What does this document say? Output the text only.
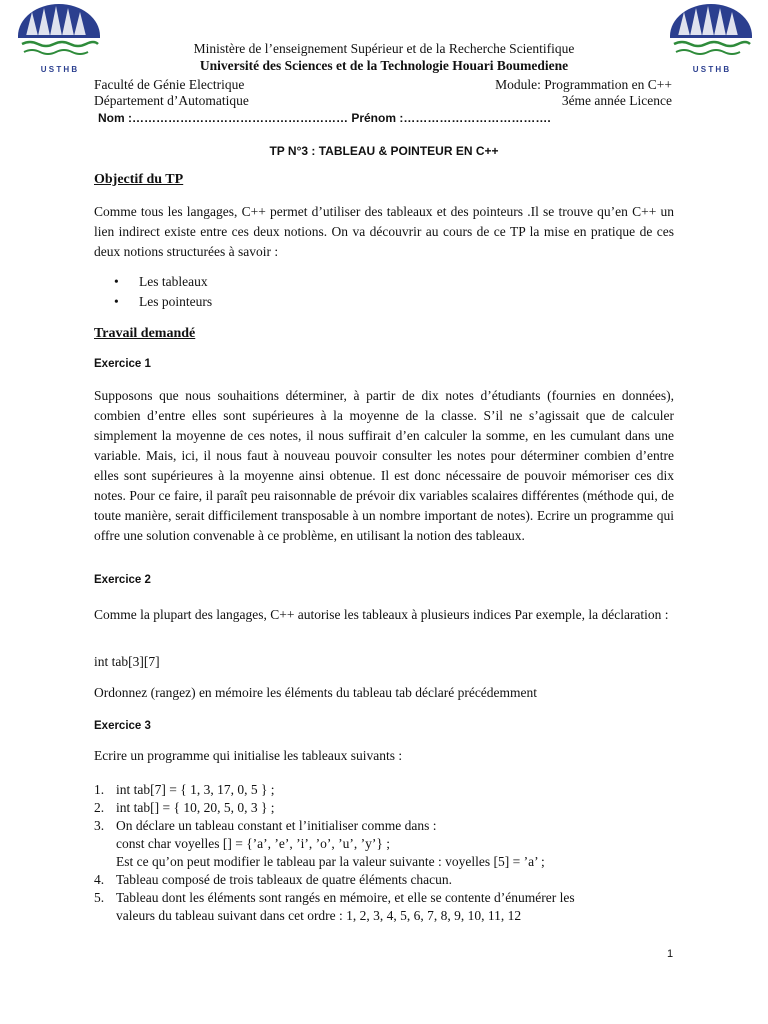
U S T H B	U S T H B
Ministère de l’enseignement Supérieur et de la Recherche Scientifique
Université des Sciences et de la Technologie Houari Boumediene
Faculté de Génie Electrique	Module: Programmation en C++
Département d’Automatique	3éme année Licence
Nom :……………………………………………… Prénom :……………………………….
TP N°3 : TABLEAU & POINTEUR EN C++
Objectif du TP
Comme tous les langages, C++ permet d’utiliser des tableaux et des pointeurs .Il se trouve qu’en C++ un lien indirect existe entre ces deux notions. On va découvrir au cours de ce TP la mise en pratique de ces deux notions structurées à savoir :
• Les tableaux
• Les pointeurs
Travail demandé
Exercice 1
Supposons que nous souhaitions déterminer, à partir de dix notes d’étudiants (fournies en données), combien d’entre elles sont supérieures à la moyenne de la classe. S’il ne s’agissait que de calculer simplement la moyenne de ces notes, il nous suffirait d’en calculer la somme, en les cumulant dans une variable. Mais, ici, il nous faut à nouveau pouvoir consulter les notes pour déterminer combien d’entre elles sont supérieures à la moyenne ainsi obtenue. Il est donc nécessaire de pouvoir mémoriser ces dix notes. Pour ce faire, il paraît peu raisonnable de prévoir dix variables scalaires différentes (méthode qui, de toute manière, serait difficilement transposable à un nombre important de notes). Ecrire un programme qui offre une solution convenable à ce problème, en utilisant la notion des tableaux.
Exercice 2
Comme la plupart des langages, C++ autorise les tableaux à plusieurs indices Par exemple, la déclaration :
int tab[3][7]
Ordonnez (rangez) en mémoire les éléments du tableau tab déclaré précédemment
Exercice 3
Ecrire un programme qui initialise les tableaux suivants :
1. int tab[7] = { 1, 3, 17, 0, 5 } ;
2. int tab[] = { 10, 20, 5, 0, 3 } ;
3. On déclare un tableau constant et l’initialiser comme dans :
const char voyelles [] = {’a’, ’e’, ’i’, ’o’, ’u’, ’y’} ;
Est ce qu’on peut modifier le tableau par la valeur suivante : voyelles [5] = ’a’ ;
4. Tableau composé de trois tableaux de quatre éléments chacun.
5. Tableau dont les éléments sont rangés en mémoire, et elle se contente d’énumérer les
valeurs du tableau suivant dans cet ordre : 1, 2, 3, 4, 5, 6, 7, 8, 9, 10, 11, 12
1
